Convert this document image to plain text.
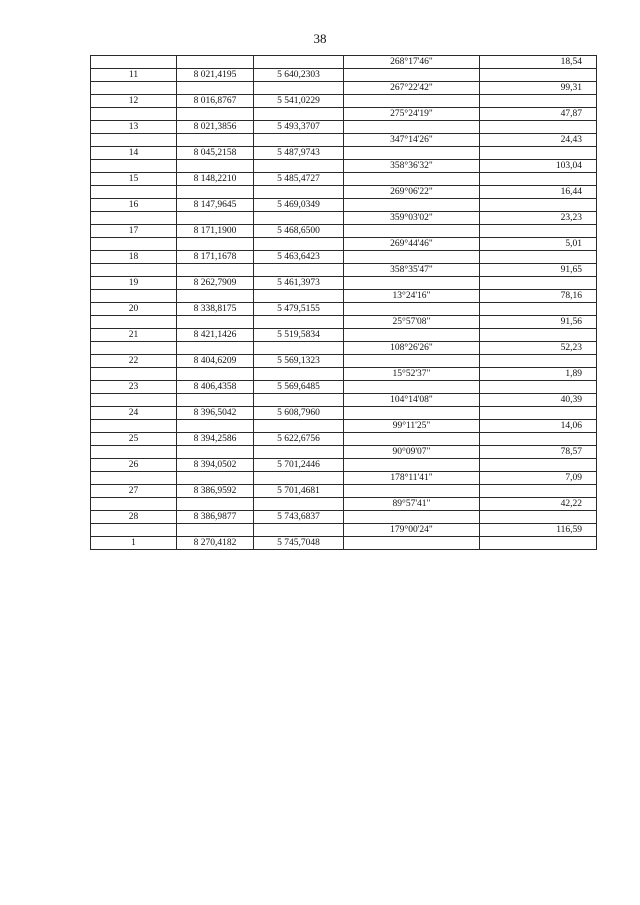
38
			268°17'46"	18,54
11	8 021,4195	5 640,2303		
			267°22'42"	99,31
12	8 016,8767	5 541,0229		
			275°24'19"	47,87
13	8 021,3856	5 493,3707		
			347°14'26"	24,43
14	8 045,2158	5 487,9743		
			358°36'32"	103,04
15	8 148,2210	5 485,4727		
			269°06'22"	16,44
16	8 147,9645	5 469,0349		
			359°03'02"	23,23
17	8 171,1900	5 468,6500		
			269°44'46"	5,01
18	8 171,1678	5 463,6423		
			358°35'47"	91,65
19	8 262,7909	5 461,3973		
			13°24'16"	78,16
20	8 338,8175	5 479,5155		
			25°57'08"	91,56
21	8 421,1426	5 519,5834		
			108°26'26"	52,23
22	8 404,6209	5 569,1323		
			15°52'37"	1,89
23	8 406,4358	5 569,6485		
			104°14'08"	40,39
24	8 396,5042	5 608,7960		
			99°11'25"	14,06
25	8 394,2586	5 622,6756		
			90°09'07"	78,57
26	8 394,0502	5 701,2446		
			178°11'41"	7,09
27	8 386,9592	5 701,4681		
			89°57'41"	42,22
28	8 386,9877	5 743,6837		
			179°00'24"	116,59
1	8 270,4182	5 745,7048		
